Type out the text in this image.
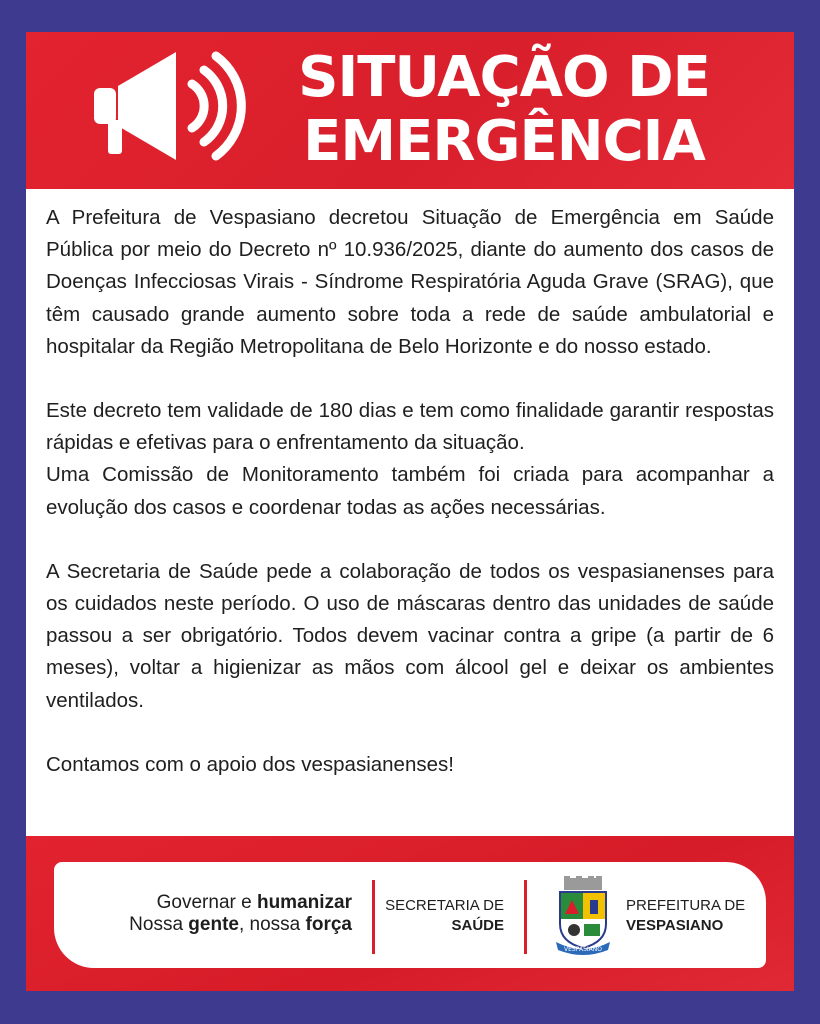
SITUAÇÃO DE
EMERGÊNCIA

A Prefeitura de Vespasiano decretou Situação de Emergência em Saúde Pública por meio do Decreto nº 10.936/2025, diante do aumento dos casos de Doenças Infecciosas Virais - Síndrome Respiratória Aguda Grave (SRAG), que têm causado grande aumento sobre toda a rede de saúde ambulatorial e hospitalar da Região Metropolitana de Belo Horizonte e do nosso estado.

Este decreto tem validade de 180 dias e tem como finalidade garantir respostas rápidas e efetivas para o enfrentamento da situação.

Uma Comissão de Monitoramento também foi criada para acompanhar a evolução dos casos e coordenar todas as ações necessárias.

A Secretaria de Saúde pede a colaboração de todos os vespasianenses para os cuidados neste período. O uso de máscaras dentro das unidades de saúde passou a ser obrigatório. Todos devem vacinar contra a gripe (a partir de 6 meses), voltar a higienizar as mãos com álcool gel e deixar os ambientes ventilados.

Contamos com o apoio dos vespasianenses!

Governar e humanizar
Nossa gente, nossa força
SECRETARIA DE
SAÚDE
VESPASIANO
PREFEITURA DE
VESPASIANO
